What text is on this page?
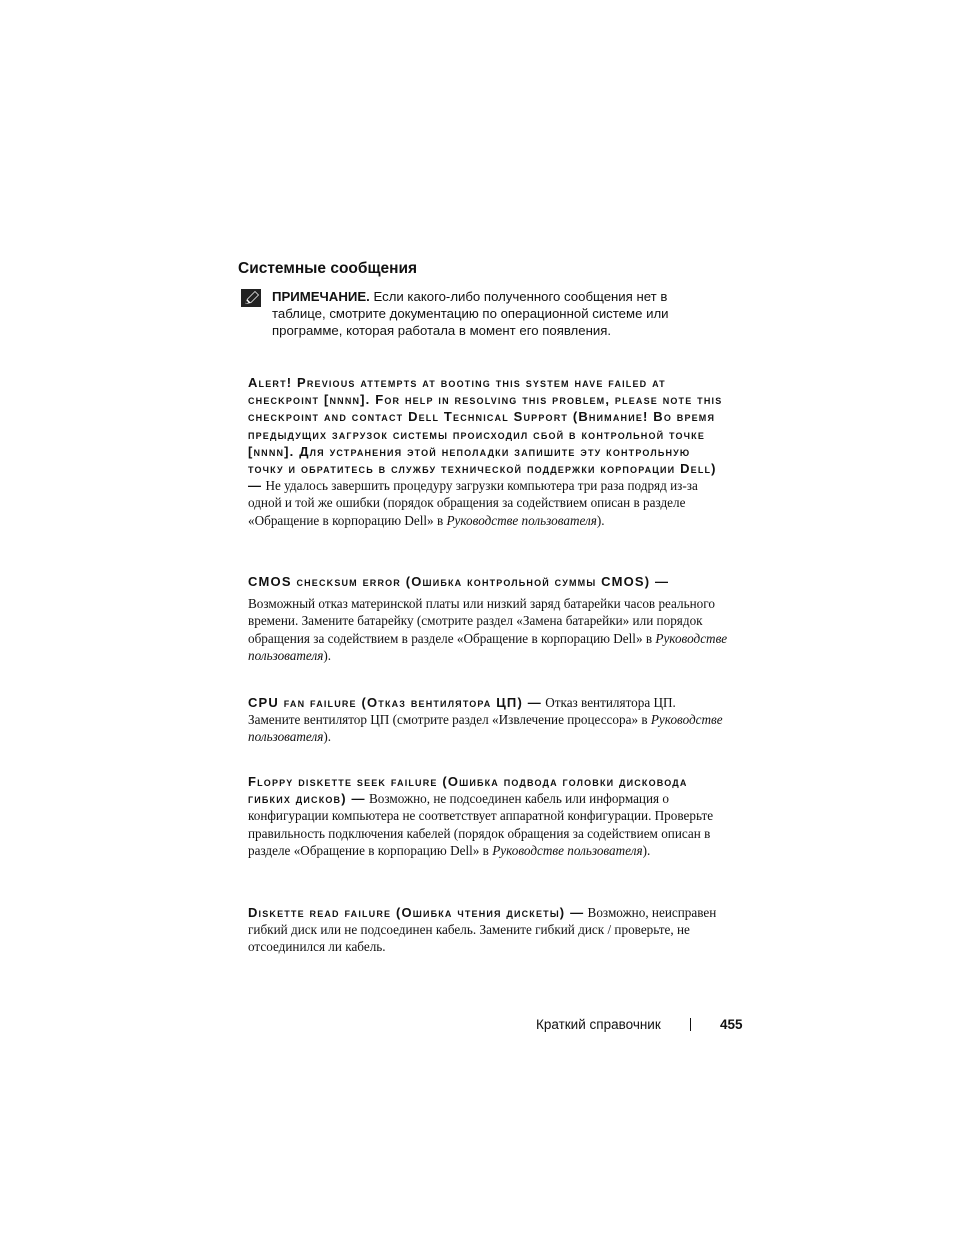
Системные сообщения

ПРИМЕЧАНИЕ. Если какого-либо полученного сообщения нет в таблице, смотрите документацию по операционной системе или программе, которая работала в момент его появления.

Alert! Previous attempts at booting this system have failed at checkpoint [nnnn]. For help in resolving this problem, please note this checkpoint and contact Dell Technical Support (Внимание! Во время предыдущих загрузок системы происходил сбой в контрольной точке [nnnn]. Для устранения этой неполадки запишите эту контрольную точку и обратитесь в службу технической поддержки корпорации Dell) — Не удалось завершить процедуру загрузки компьютера три раза подряд из-за одной и той же ошибки (порядок обращения за содействием описан в разделе «Обращение в корпорацию Dell» в Руководстве пользователя).

CMOS checksum error (Ошибка контрольной суммы CMOS) —
Возможный отказ материнской платы или низкий заряд батарейки часов реального времени. Замените батарейку (смотрите раздел «Замена батарейки» или порядок обращения за содействием в разделе «Обращение в корпорацию Dell» в Руководстве пользователя).

CPU fan failure (Отказ вентилятора ЦП) — Отказ вентилятора ЦП. Замените вентилятор ЦП (смотрите раздел «Извлечение процессора» в Руководстве пользователя).

Floppy diskette seek failure (Ошибка подвода головки дисковода гибких дисков) — Возможно, не подсоединен кабель или информация о конфигурации компьютера не соответствует аппаратной конфигурации. Проверьте правильность подключения кабелей (порядок обращения за содействием описан в разделе «Обращение в корпорацию Dell» в Руководстве пользователя).

Diskette read failure (Ошибка чтения дискеты) — Возможно, неисправен гибкий диск или не подсоединен кабель. Замените гибкий диск / проверьте, не отсоединился ли кабель.

Краткий справочник	455
